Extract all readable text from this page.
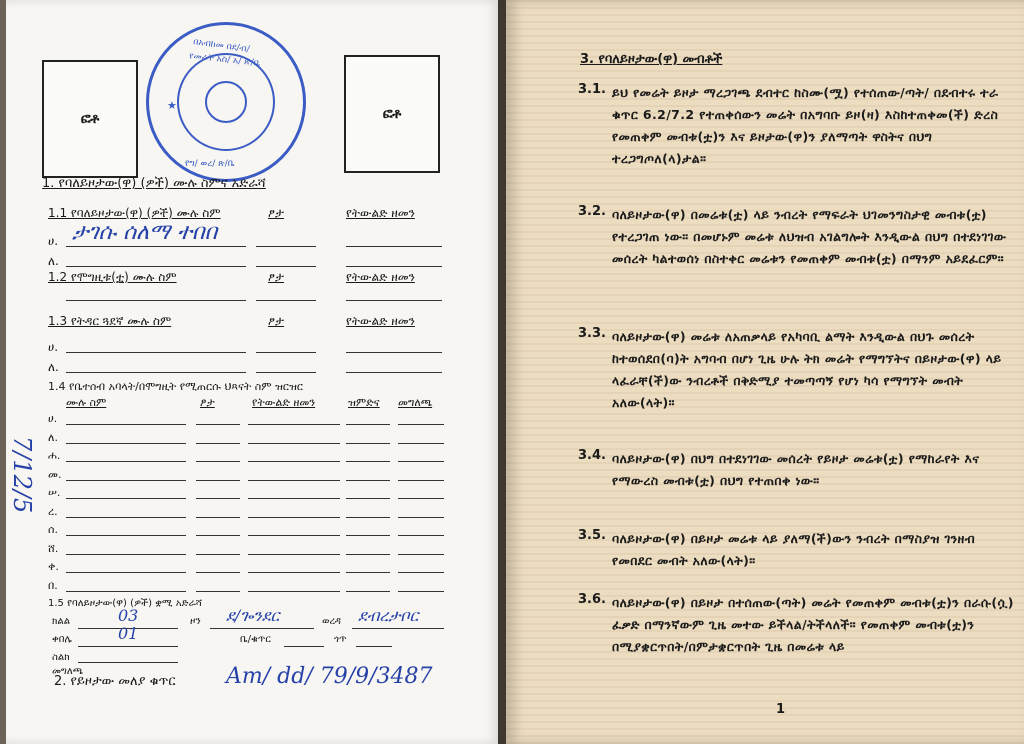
ፎቶ	ፎቶ
በአብከመ በደ/ብ/
የመሬት አስ/ አ/ ጽ/ቤ
የግ/ ወረ/ ጽ/ቤ
★
1. የባለይዞታው(ዋ) (ዎች) ሙሉ ስምና አድራሻ
1.1 የባለይዞታው(ዋ) (ዎች) ሙሉ ስም	ፆታ	የትውልድ ዘመን
ሀ. ታገሱ ሰለማ ተበበ
ለ.
1.2 የሞግዚቱ(ቷ) ሙሉ ስም	ፆታ	የትውልድ ዘመን
1.3 የትዳር ጓደኛ ሙሉ ስም	ፆታ	የትውልድ ዘመን
ሀ.
ለ.
1.4 የቤተሰብ አባላት/በሞግዚት የሚጠርሱ ህጻናት ስም ዝርዝር
ሙሉ ስም	ፆታ	የትውልድ ዘመን	ዝምድና መግለጫ
ሀ.
ለ.
ሐ.
መ.
ሠ.
ረ.
ሰ.
ሸ.
ቀ.
በ.
7/12/5
1.5 የባለይዞታው(ዋ) (ዎች) ቋሚ አድራሻ
ክልል	03	ዞን ደ/ጐንደር	ወረዳ ደብረታቦር
ቀበሌ	01	ቤ/ቁጥር	ጎጥ
ስልክ
መግለጫ
2. የይዞታው መለያ ቁጥር Am/ dd/ 79/9/3487
3. የባለይዞታው(ዋ) መብቶች
3.1. ይህ የመሬት ይዞታ ማረጋገጫ ደብተር ከስሙ(ሟ) የተሰጠው/ጣት/ በደብተሩ ተራ ቁጥር 6.2/7.2 የተጠቀሰውን መሬት በአግባቡ ይዞ(ዛ) እስከተጠቀመ(ች) ድረስ የመጠቀም መብቱ(ቷ)ን እና ይዞታው(ዋ)ን ያለማጣት ዋስትና በህግ ተረጋግጦለ(ላ)ታል።
3.2. ባለይዞታው(ዋ) በመሬቱ(ቷ) ላይ ንብረት የማፍራት ህገመንግስታዊ መብቱ(ቷ) የተረጋገጠ ነው። በመሆኑም መሬቱ ለህዝብ አገልግሎት እንዲውል በህግ በተደነገገው መሰረት ካልተወሰነ በስተቀር መሬቱን የመጠቀም መብቱ(ቷ) በማንም አይደፈርም።
3.3. ባለይዞታው(ዋ) መሬቱ ለአጠቃላይ የአካባቢ ልማት እንዲውል በህጉ መሰረት ከተወሰደበ(ባ)ት አግባብ በሆነ ጊዜ ሁሉ ትክ መሬት የማግኘትና በይዞታው(ዋ) ላይ ላፈራቸ(ች)ው ንብረቶች በቅድሚያ ተመጣጣኝ የሆነ ካሳ የማግኘት መብት አለው(ላት)።
3.4. ባለይዞታው(ዋ) በህግ በተደነገገው መሰረት የይዞታ መሬቱ(ቷ) የማከራየት እና የማውረስ መብቱ(ቷ) በህግ የተጠበቀ ነው።
3.5. ባለይዞታው(ዋ) በይዞታ መሬቱ ላይ ያለማ(ች)ውን ንብረት በማስያዝ ገንዘብ የመበደር መብት አለው(ላት)።
3.6. ባለይዞታው(ዋ) በይዞታ በተሰጠው(ጣት) መሬት የመጠቀም መብቱ(ቷ)ን በራሱ(ሷ) ፈቃድ በማንኛውም ጊዜ መተው ይችላል/ትችላለች። የመጠቀም መብቱ(ቷ)ን በሚያቋርጥበት/በምታቋርጥበት ጊዜ በመሬቱ ላይ
1
